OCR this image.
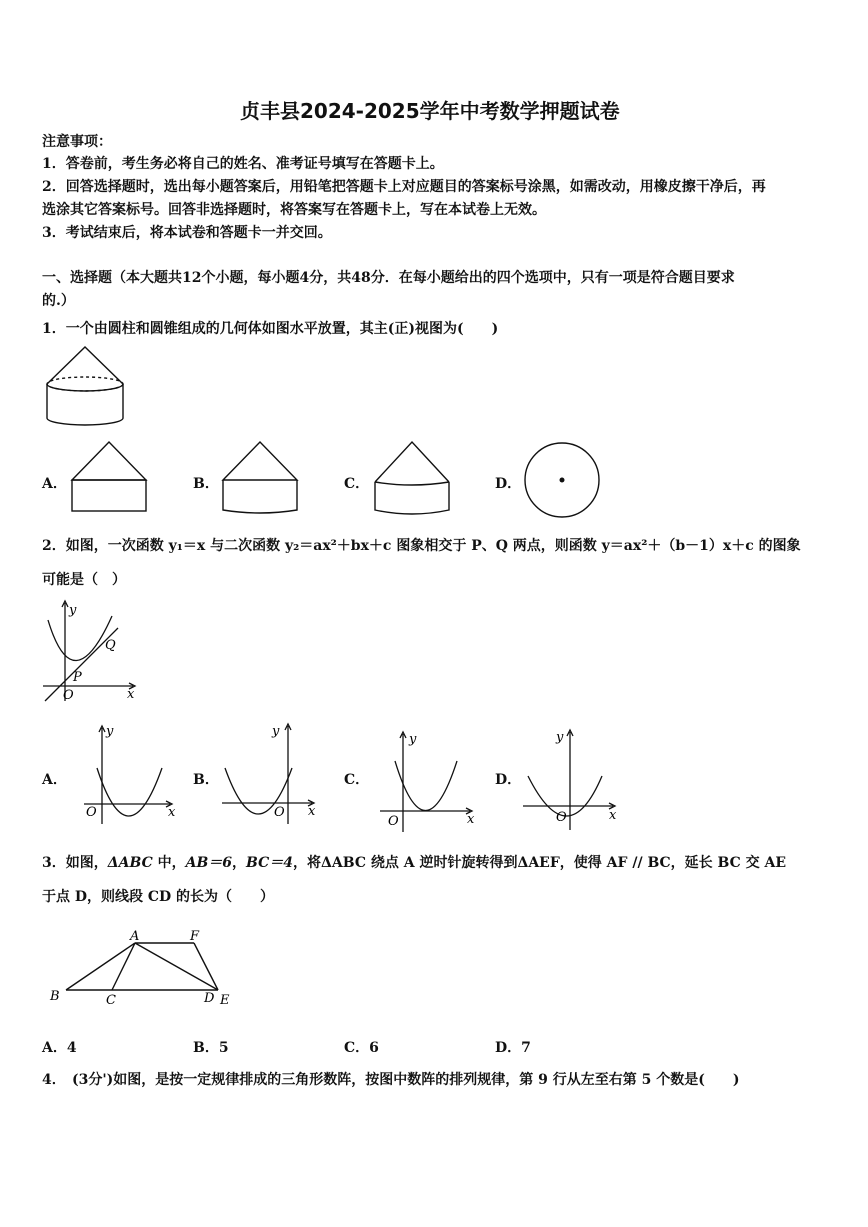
贞丰县2024-2025学年中考数学押题试卷
注意事项：
1．答卷前，考生务必将自己的姓名、准考证号填写在答题卡上。
2．回答选择题时，选出每小题答案后，用铅笔把答题卡上对应题目的答案标号涂黑，如需改动，用橡皮擦干净后，再
选涂其它答案标号。回答非选择题时，将答案写在答题卡上，写在本试卷上无效。
3．考试结束后，将本试卷和答题卡一并交回。
一、选择题（本大题共12个小题，每小题4分，共48分．在每小题给出的四个选项中，只有一项是符合题目要求
的.）
1．一个由圆柱和圆锥组成的几何体如图水平放置，其主(正)视图为(　　)
A．	B．	C．	D．
2．如图，一次函数 y₁＝x 与二次函数 y₂＝ax²＋bx＋c 图象相交于 P、Q 两点，则函数 y＝ax²＋（b－1）x＋c 的图象
可能是（　）
y
x
O
P
Q
A．
y
x
O
B．
y
x
O
C．
y
x
O
D．
y
x
O
3．如图，ΔABC 中，AB＝6，BC＝4，将ΔABC 绕点 A 逆时针旋转得到ΔAEF，使得 AF // BC，延长 BC 交 AE
于点 D，则线段 CD 的长为（　　）
A	F
B	C	D E
A．4	B．5	C．6	D．7
4． (3分')如图，是按一定规律排成的三角形数阵，按图中数阵的排列规律，第 9 行从左至右第 5 个数是(　　)
